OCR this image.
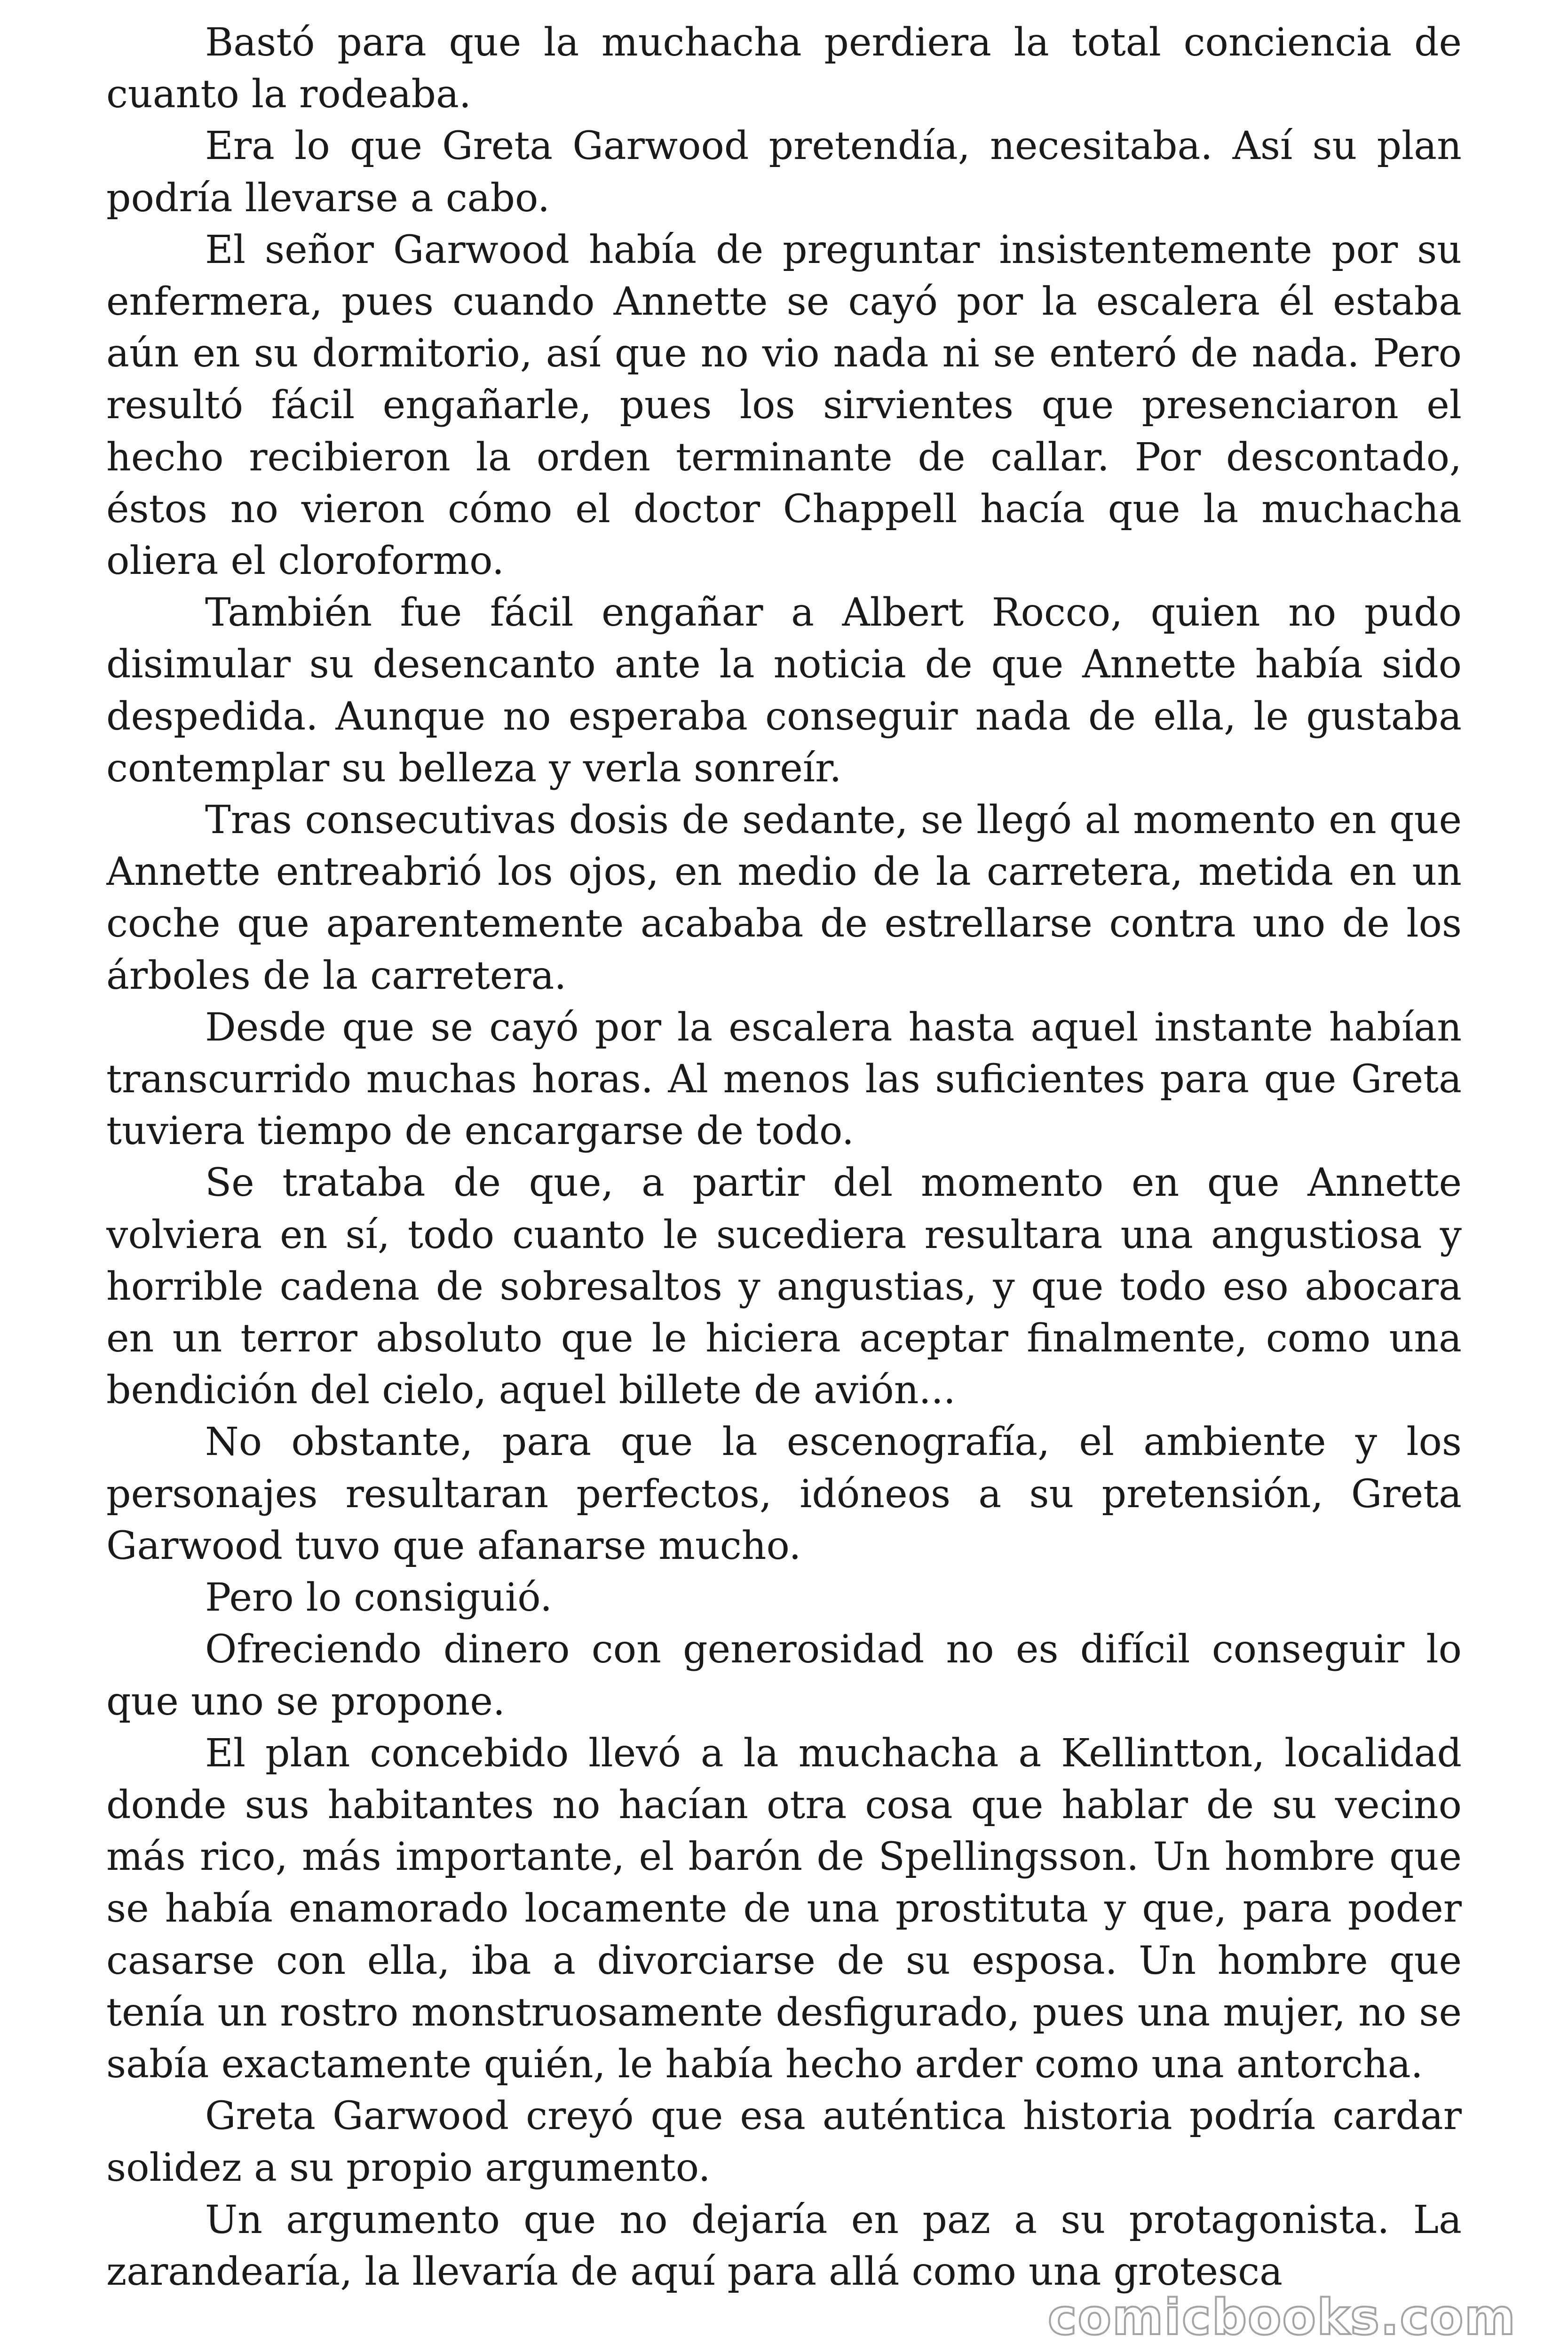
Bastó para que la muchacha perdiera la total conciencia de cuanto la rodeaba.

Era lo que Greta Garwood pretendía, necesitaba. Así su plan podría llevarse a cabo.

El señor Garwood había de preguntar insistentemente por su enfermera, pues cuando Annette se cayó por la escalera él estaba aún en su dormitorio, así que no vio nada ni se enteró de nada. Pero resultó fácil engañarle, pues los sirvientes que presenciaron el hecho recibieron la orden terminante de callar. Por descontado, éstos no vieron cómo el doctor Chappell hacía que la muchacha oliera el cloroformo.

También fue fácil engañar a Albert Rocco, quien no pudo disimular su desencanto ante la noticia de que Annette había sido despedida. Aunque no esperaba conseguir nada de ella, le gustaba contemplar su belleza y verla sonreír.

Tras consecutivas dosis de sedante, se llegó al momento en que Annette entreabrió los ojos, en medio de la carretera, metida en un coche que aparentemente acababa de estrellarse contra uno de los árboles de la carretera.

Desde que se cayó por la escalera hasta aquel instante habían transcurrido muchas horas. Al menos las suficientes para que Greta tuviera tiempo de encargarse de todo.

Se trataba de que, a partir del momento en que Annette volviera en sí, todo cuanto le sucediera resultara una angustiosa y horrible cadena de sobresaltos y angustias, y que todo eso abocara en un terror absoluto que le hiciera aceptar finalmente, como una bendición del cielo, aquel billete de avión...

No obstante, para que la escenografía, el ambiente y los personajes resultaran perfectos, idóneos a su pretensión, Greta Garwood tuvo que afanarse mucho.

Pero lo consiguió.

Ofreciendo dinero con generosidad no es difícil conseguir lo que uno se propone.

El plan concebido llevó a la muchacha a Kellintton, localidad donde sus habitantes no hacían otra cosa que hablar de su vecino más rico, más importante, el barón de Spellingsson. Un hombre que se había enamorado locamente de una prostituta y que, para poder casarse con ella, iba a divorciarse de su esposa. Un hombre que tenía un rostro monstruosamente desfigurado, pues una mujer, no se sabía exactamente quién, le había hecho arder como una antorcha.

Greta Garwood creyó que esa auténtica historia podría cardar solidez a su propio argumento.

Un argumento que no dejaría en paz a su protagonista. La zarandearía, la llevaría de aquí para allá como una grotesca

comicbooks.com
